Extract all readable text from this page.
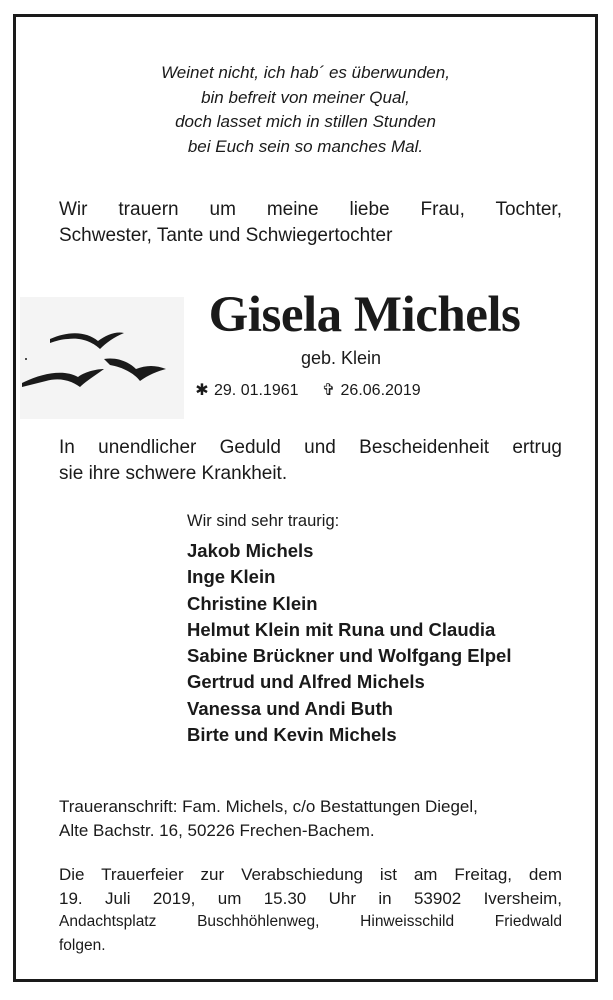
Weinet nicht, ich hab´ es überwunden,
bin befreit von meiner Qual,
doch lasset mich in stillen Stunden
bei Euch sein so manches Mal.
Wir trauern um meine liebe Frau, Tochter,
Schwester, Tante und Schwiegertochter
Gisela Michels
geb. Klein
✱ 29. 01.1961 ✞ 26.06.2019
In unendlicher Geduld und Bescheidenheit ertrug
sie ihre schwere Krankheit.
Wir sind sehr traurig:
Jakob Michels
Inge Klein
Christine Klein
Helmut Klein mit Runa und Claudia
Sabine Brückner und Wolfgang Elpel
Gertrud und Alfred Michels
Vanessa und Andi Buth
Birte und Kevin Michels
Traueranschrift: Fam. Michels, c/o Bestattungen Diegel,
Alte Bachstr. 16, 50226 Frechen-Bachem.
Die Trauerfeier zur Verabschiedung ist am Freitag, dem
19. Juli 2019, um 15.30 Uhr in 53902 Iversheim,
Andachtsplatz Buschhöhlenweg, Hinweisschild Friedwald
folgen.
